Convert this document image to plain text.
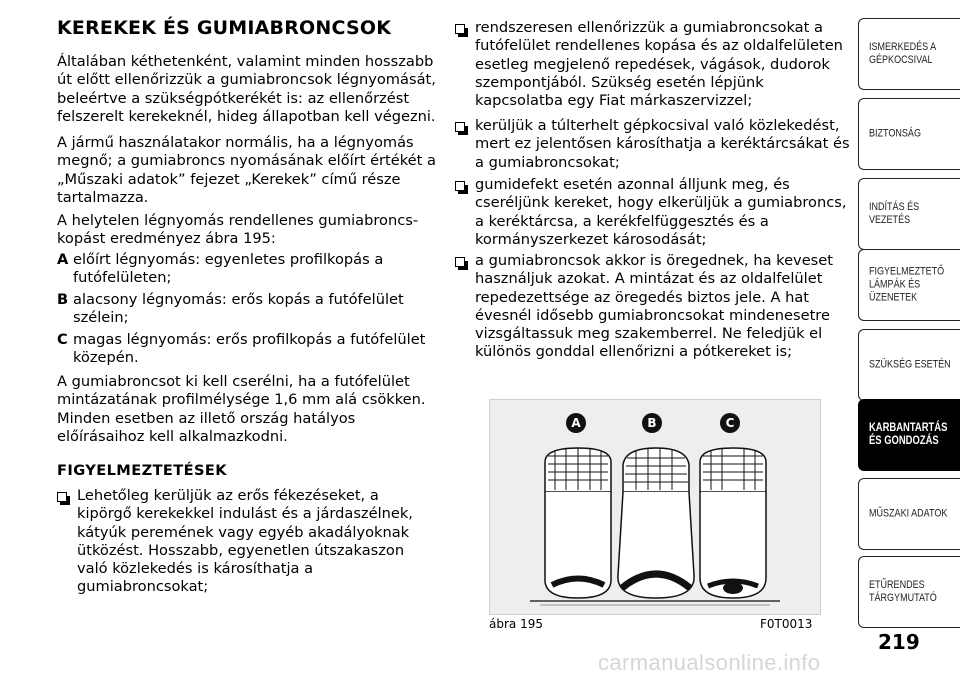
KEREKEK ÉS GUMIABRONCSOK
Általában kéthetenként, valamint minden hosszabb út előtt ellenőrizzük a gumiabroncsok légnyomását, beleértve a szükségpótkerékét is: az ellenőrzést felszerelt kerekeknél, hideg állapotban kell végezni.
A jármű használatakor normális, ha a légnyomás megnő; a gumiabroncs nyomásának előírt értékét a „Műszaki adatok” fejezet „Kerekek” című része tartalmazza.
A helytelen légnyomás rendellenes gumiabroncs-kopást eredményez ábra 195:
A előírt légnyomás: egyenletes profilkopás a futófelületen;
B alacsony légnyomás: erős kopás a futófelület szélein;
C magas légnyomás: erős profilkopás a futófelület közepén.
A gumiabroncsot ki kell cserélni, ha a futófelület mintázatának profilmélysége 1,6 mm alá csökken. Minden esetben az illető ország hatályos előírásaihoz kell alkalmazkodni.
FIGYELMEZTETÉSEK
Lehetőleg kerüljük az erős fékezéseket, a kipörgő kerekekkel indulást és a járdaszélnek, kátyúk peremének vagy egyéb akadályoknak ütközést. Hosszabb, egyenetlen útszakaszon való közlekedés is károsíthatja a gumiabroncsokat;
rendszeresen ellenőrizzük a gumiabroncsokat a futófelület rendellenes kopása és az oldalfelületen esetleg megjelenő repedések, vágások, dudorok szempontjából. Szükség esetén lépjünk kapcsolatba egy Fiat márkaszervizzel;
kerüljük a túlterhelt gépkocsival való közlekedést, mert ez jelentősen károsíthatja a keréktárcsákat és a gumiabroncsokat;
gumidefekt esetén azonnal álljunk meg, és cseréljünk kereket, hogy elkerüljük a gumiabroncs, a keréktárcsa, a kerékfelfüggesztés és a kormányszerkezet károsodását;
a gumiabroncsok akkor is öregednek, ha keveset használjuk azokat. A mintázat és az oldalfelület repedezettsége az öregedés biztos jele. A hat évesnél idősebb gumiabroncsokat mindenesetre vizsgáltassuk meg szakemberrel. Ne feledjük el különös gonddal ellenőrizni a pótkereket is;
A	B	C
ábra 195	F0T0013
ISMERKEDÉS A
GÉPKOCSIVAL
BIZTONSÁG
INDÍTÁS ÉS VEZETÉS
FIGYELMEZTETŐ
LÁMPÁK ÉS
ÜZENETEK
SZÜKSÉG ESETÉN
KARBANTARTÁS
ÉS GONDOZÁS
MŰSZAKI ADATOK
ETŰRENDES
TÁRGYMUTATÓ
219
carmanualsonline.info
